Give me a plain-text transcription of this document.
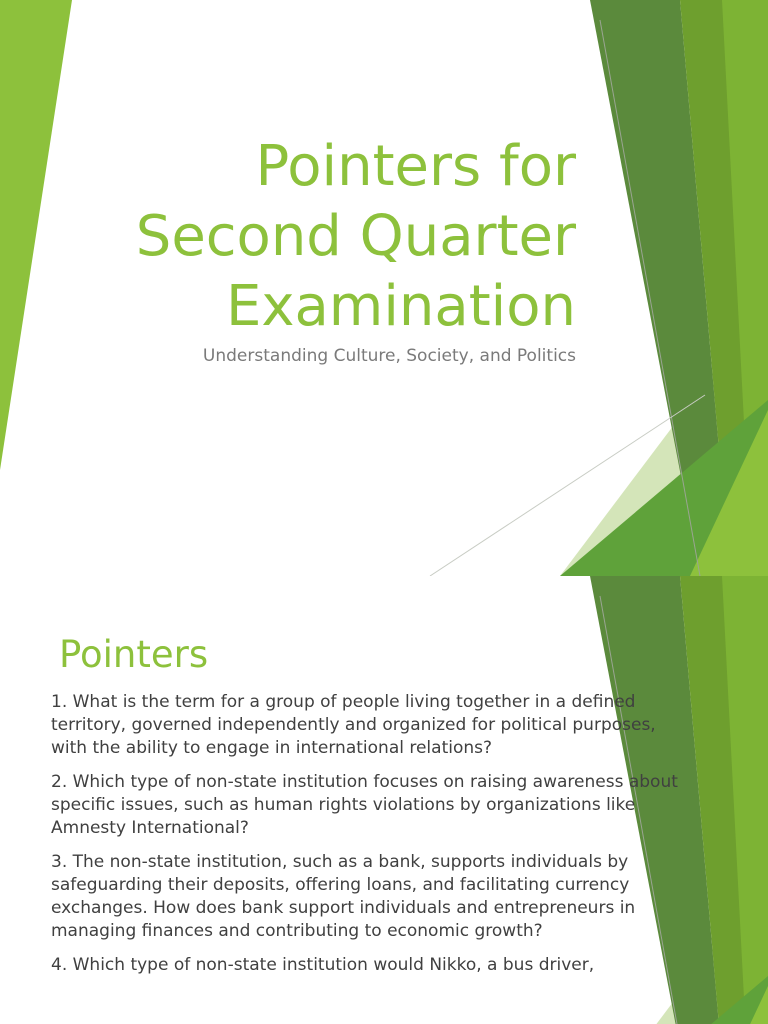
Pointers for
Second Quarter
Examination
Understanding Culture, Society, and Politics
Pointers
1. What is the term for a group of people living together in a defined territory, governed independently and organized for political purposes, with the ability to engage in international relations?
2. Which type of non-state institution focuses on raising awareness about specific issues, such as human rights violations by organizations like Amnesty International?
3. The non-state institution, such as a bank, supports individuals by safeguarding their deposits, offering loans, and facilitating currency exchanges. How does bank support individuals and entrepreneurs in managing finances and contributing to economic growth?
4. Which type of non-state institution would Nikko, a bus driver,
